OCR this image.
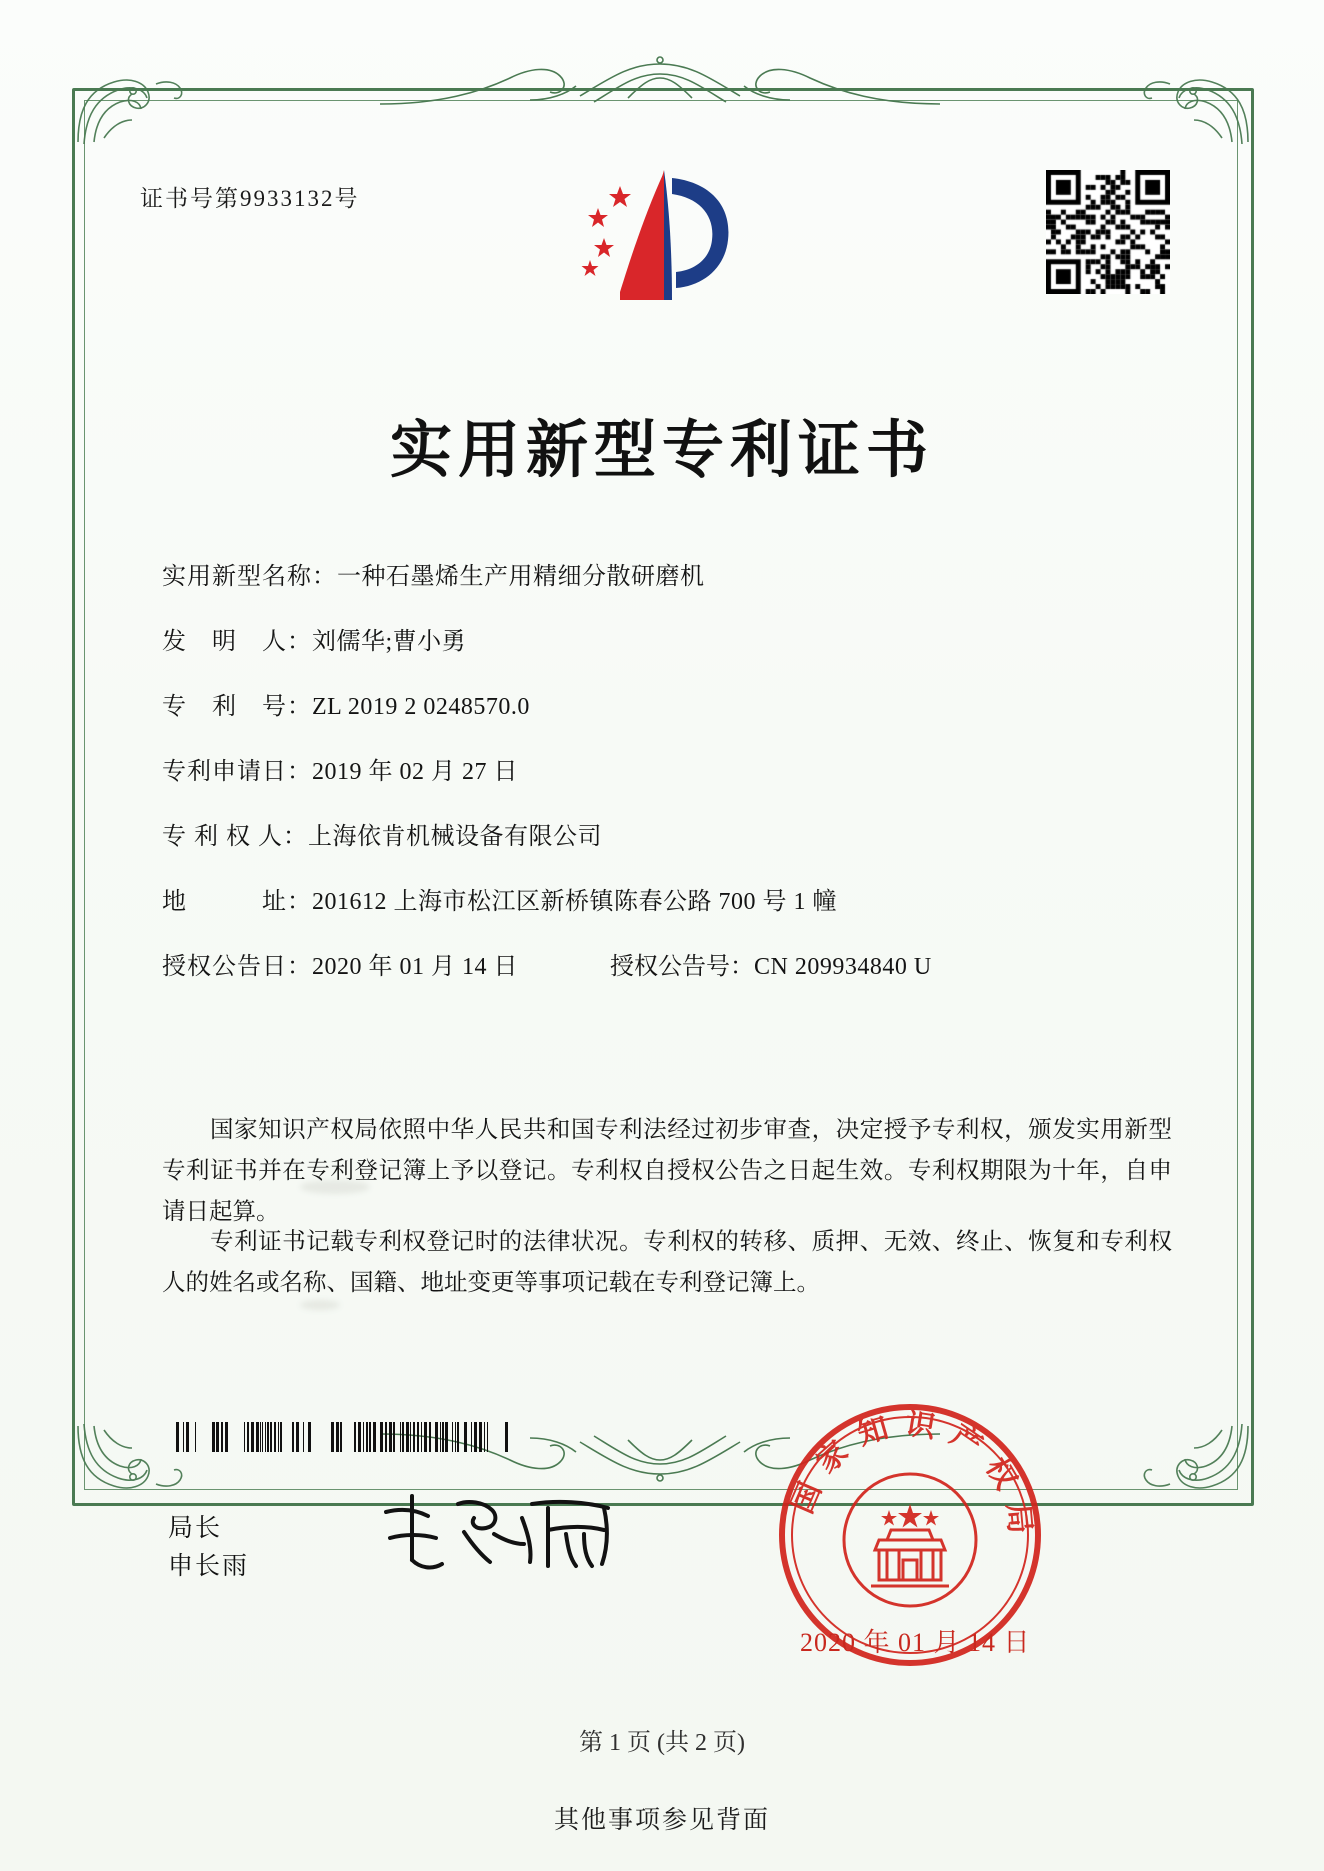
证书号第9933132号
实用新型专利证书
实用新型名称： 一种石墨烯生产用精细分散研磨机
发　明　人： 刘儒华;曹小勇
专　利　号： ZL 2019 2 0248570.0
专利申请日： 2019 年 02 月 27 日
专 利 权 人： 上海依肯机械设备有限公司
地　　　址： 201612 上海市松江区新桥镇陈春公路 700 号 1 幢
授权公告日： 2020 年 01 月 14 日	授权公告号： CN 209934840 U

国家知识产权局依照中华人民共和国专利法经过初步审查，决定授予专利权，颁发实用新型专利证书并在专利登记簿上予以登记。专利权自授权公告之日起生效。专利权期限为十年，自申请日起算。

专利证书记载专利权登记时的法律状况。专利权的转移、质押、无效、终止、恢复和专利权人的姓名或名称、国籍、地址变更等事项记载在专利登记簿上。

局长
申长雨
国家知识产权局
2020 年 01 月 14 日
第 1 页 (共 2 页)
其他事项参见背面
